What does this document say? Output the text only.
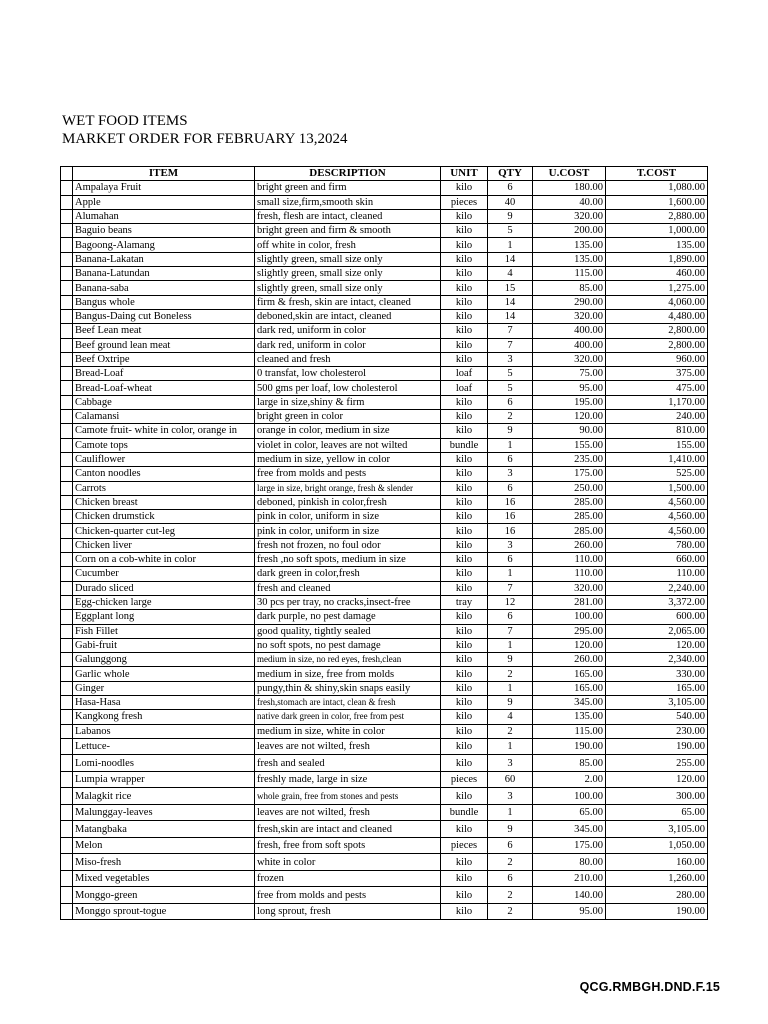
WET FOOD ITEMS
MARKET ORDER FOR FEBRUARY 13,2024
	ITEM	DESCRIPTION	UNIT	QTY	U.COST	T.COST
	Ampalaya Fruit	bright green and firm	kilo	6	180.00	1,080.00
	Apple	small size,firm,smooth skin	pieces	40	40.00	1,600.00
	Alumahan	fresh, flesh are intact, cleaned	kilo	9	320.00	2,880.00
	Baguio beans	bright green and firm & smooth	kilo	5	200.00	1,000.00
	Bagoong-Alamang	off white in color, fresh	kilo	1	135.00	135.00
	Banana-Lakatan	slightly green, small size only	kilo	14	135.00	1,890.00
	Banana-Latundan	slightly green, small size only	kilo	4	115.00	460.00
	Banana-saba	slightly green, small size only	kilo	15	85.00	1,275.00
	Bangus whole	firm & fresh, skin are intact, cleaned	kilo	14	290.00	4,060.00
	Bangus-Daing cut Boneless	deboned,skin are intact, cleaned	kilo	14	320.00	4,480.00
	Beef Lean meat	dark red, uniform in color	kilo	7	400.00	2,800.00
	Beef ground lean meat	dark red, uniform in color	kilo	7	400.00	2,800.00
	Beef Oxtripe	cleaned and fresh	kilo	3	320.00	960.00
	Bread-Loaf	0 transfat, low cholesterol	loaf	5	75.00	375.00
	Bread-Loaf-wheat	500 gms per loaf, low cholesterol	loaf	5	95.00	475.00
	Cabbage	large in size,shiny & firm	kilo	6	195.00	1,170.00
	Calamansi	bright green in color	kilo	2	120.00	240.00
	Camote fruit- white in color, orange in	orange in color, medium in size	kilo	9	90.00	810.00
	Camote tops	violet in color, leaves are not wilted	bundle	1	155.00	155.00
	Cauliflower	medium in size, yellow in color	kilo	6	235.00	1,410.00
	Canton noodles	free from molds and pests	kilo	3	175.00	525.00
	Carrots	large in size, bright orange, fresh & slender	kilo	6	250.00	1,500.00
	Chicken breast	deboned, pinkish in color,fresh	kilo	16	285.00	4,560.00
	Chicken drumstick	pink in color, uniform in size	kilo	16	285.00	4,560.00
	Chicken-quarter cut-leg	pink in color, uniform in size	kilo	16	285.00	4,560.00
	Chicken liver	fresh not frozen, no foul odor	kilo	3	260.00	780.00
	Corn on a cob-white in color	fresh ,no soft spots, medium in size	kilo	6	110.00	660.00
	Cucumber	dark green in color,fresh	kilo	1	110.00	110.00
	Durado sliced	fresh and cleaned	kilo	7	320.00	2,240.00
	Egg-chicken large	30 pcs per tray, no cracks,insect-free	tray	12	281.00	3,372.00
	Eggplant long	dark purple, no pest damage	kilo	6	100.00	600.00
	Fish Fillet	good quality, tightly sealed	kilo	7	295.00	2,065.00
	Gabi-fruit	no soft spots, no pest damage	kilo	1	120.00	120.00
	Galunggong	medium in size, no red eyes, fresh,clean	kilo	9	260.00	2,340.00
	Garlic whole	medium in size, free from molds	kilo	2	165.00	330.00
	Ginger	pungy,thin & shiny,skin snaps easily	kilo	1	165.00	165.00
	Hasa-Hasa	fresh,stomach are intact, clean & fresh	kilo	9	345.00	3,105.00
	Kangkong fresh	native dark green in color, free from pest	kilo	4	135.00	540.00
	Labanos	medium in size, white in color	kilo	2	115.00	230.00
	Lettuce-	leaves are not wilted, fresh	kilo	1	190.00	190.00
	Lomi-noodles	fresh and sealed	kilo	3	85.00	255.00
	Lumpia wrapper	freshly made, large in size	pieces	60	2.00	120.00
	Malagkit rice	whole grain, free from stones and pests	kilo	3	100.00	300.00
	Malunggay-leaves	leaves are not wilted, fresh	bundle	1	65.00	65.00
	Matangbaka	fresh,skin are intact and cleaned	kilo	9	345.00	3,105.00
	Melon	fresh, free from soft spots	pieces	6	175.00	1,050.00
	Miso-fresh	white in color	kilo	2	80.00	160.00
	Mixed vegetables	frozen	kilo	6	210.00	1,260.00
	Monggo-green	free from molds and pests	kilo	2	140.00	280.00
	Monggo sprout-togue	long sprout, fresh	kilo	2	95.00	190.00
QCG.RMBGH.DND.F.15
